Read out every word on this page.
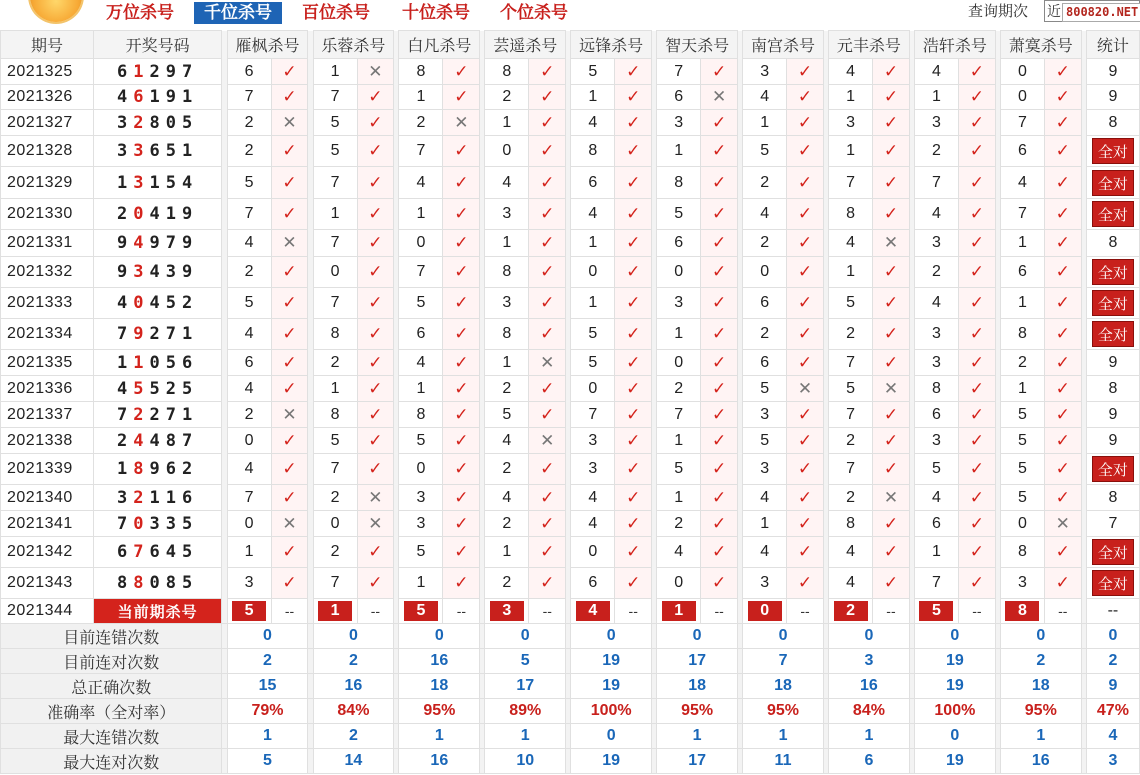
万位杀号	千位杀号	百位杀号 十位杀号 个位杀号	查询期次 近 800820.NET
期号	开奖号码		雁枫杀号			乐蓉杀号			白凡杀号			芸遥杀号			远锋杀号			智天杀号			南宫杀号			元丰杀号			浩轩杀号			萧寞杀号			统计
2021325	61297		6	✓		1	✕		8	✓		8	✓		5	✓		7	✓		3	✓		4	✓		4	✓		0	✓		9
2021326	46191		7	✓		7	✓		1	✓		2	✓		1	✓		6	✕		4	✓		1	✓		1	✓		0	✓		9
2021327	32805		2	✕		5	✓		2	✕		1	✓		4	✓		3	✓		1	✓		3	✓		3	✓		7	✓		8
2021328	33651		2	✓		5	✓		7	✓		0	✓		8	✓		1	✓		5	✓		1	✓		2	✓		6	✓		全对
2021329	13154		5	✓		7	✓		4	✓		4	✓		6	✓		8	✓		2	✓		7	✓		7	✓		4	✓		全对
2021330	20419		7	✓		1	✓		1	✓		3	✓		4	✓		5	✓		4	✓		8	✓		4	✓		7	✓		全对
2021331	94979		4	✕		7	✓		0	✓		1	✓		1	✓		6	✓		2	✓		4	✕		3	✓		1	✓		8
2021332	93439		2	✓		0	✓		7	✓		8	✓		0	✓		0	✓		0	✓		1	✓		2	✓		6	✓		全对
2021333	40452		5	✓		7	✓		5	✓		3	✓		1	✓		3	✓		6	✓		5	✓		4	✓		1	✓		全对
2021334	79271		4	✓		8	✓		6	✓		8	✓		5	✓		1	✓		2	✓		2	✓		3	✓		8	✓		全对
2021335	11056		6	✓		2	✓		4	✓		1	✕		5	✓		0	✓		6	✓		7	✓		3	✓		2	✓		9
2021336	45525		4	✓		1	✓		1	✓		2	✓		0	✓		2	✓		5	✕		5	✕		8	✓		1	✓		8
2021337	72271		2	✕		8	✓		8	✓		5	✓		7	✓		7	✓		3	✓		7	✓		6	✓		5	✓		9
2021338	24487		0	✓		5	✓		5	✓		4	✕		3	✓		1	✓		5	✓		2	✓		3	✓		5	✓		9
2021339	18962		4	✓		7	✓		0	✓		2	✓		3	✓		5	✓		3	✓		7	✓		5	✓		5	✓		全对
2021340	32116		7	✓		2	✕		3	✓		4	✓		4	✓		1	✓		4	✓		2	✕		4	✓		5	✓		8
2021341	70335		0	✕		0	✕		3	✓		2	✓		4	✓		2	✓		1	✓		8	✓		6	✓		0	✕		7
2021342	67645		1	✓		2	✓		5	✓		1	✓		0	✓		4	✓		4	✓		4	✓		1	✓		8	✓		全对
2021343	88085		3	✓		7	✓		1	✓		2	✓		6	✓		0	✓		3	✓		4	✓		7	✓		3	✓		全对
2021344	当前期杀号		5	--		1	--		5	--		3	--		4	--		1	--		0	--		2	--		5	--		8	--		--
目前连错次数			0			0			0			0			0			0			0			0			0			0			0
目前连对次数			2			2			16			5			19			17			7			3			19			2			2
总正确次数			15			16			18			17			19			18			18			16			19			18			9
准确率（全对率）			79%			84%			95%			89%			100%			95%			95%			84%			100%			95%			47%
最大连错次数			1			2			1			1			0			1			1			1			0			1			4
最大连对次数			5			14			16			10			19			17			11			6			19			16			3
